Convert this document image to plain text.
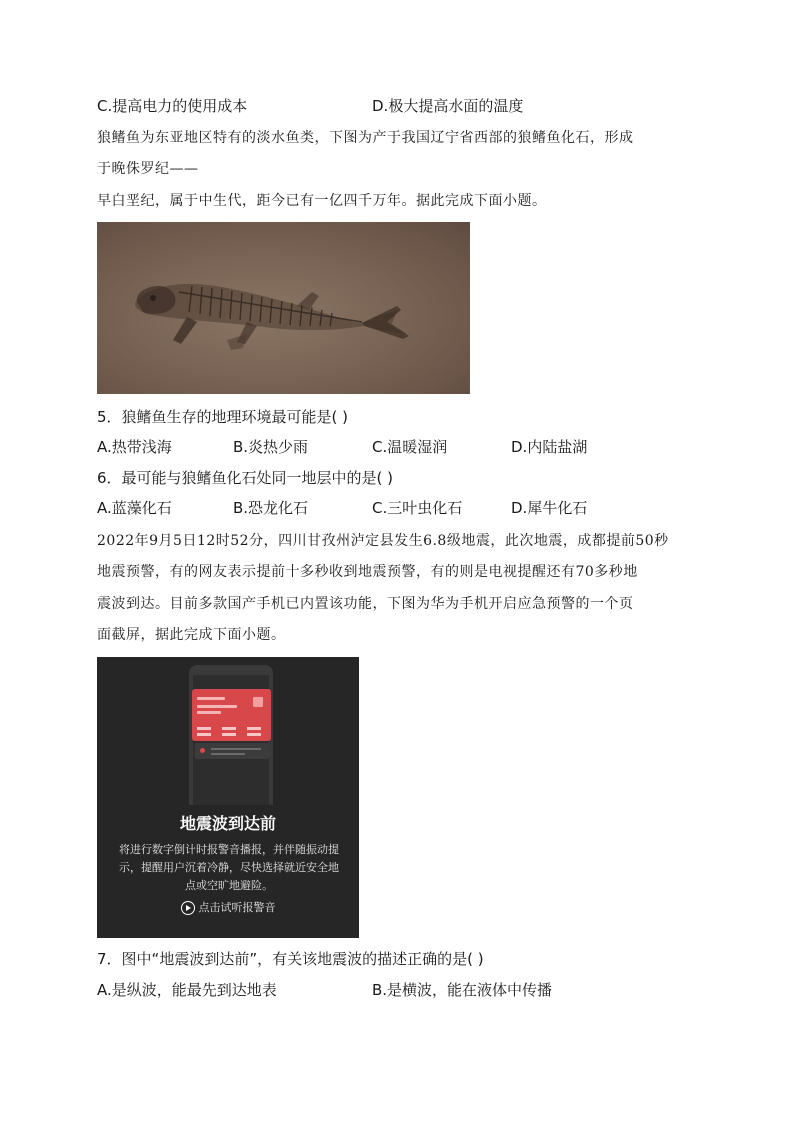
C.提高电力的使用成本	D.极大提高水面的温度
狼鳍鱼为东亚地区特有的淡水鱼类，下图为产于我国辽宁省西部的狼鳍鱼化石，形成
于晚侏罗纪——
早白垩纪，属于中生代，距今已有一亿四千万年。据此完成下面小题。
5．狼鳍鱼生存的地理环境最可能是( )
A.热带浅海	B.炎热少雨	C.温暖湿润	D.内陆盐湖
6．最可能与狼鳍鱼化石处同一地层中的是( )
A.蓝藻化石	B.恐龙化石	C.三叶虫化石	D.犀牛化石
2022年9月5日12时52分，四川甘孜州泸定县发生6.8级地震，此次地震，成都提前50秒
地震预警，有的网友表示提前十多秒收到地震预警，有的则是电视提醒还有70多秒地
震波到达。目前多款国产手机已内置该功能，下图为华为手机开启应急预警的一个页
面截屏，据此完成下面小题。
地震波到达前
将进行数字倒计时报警音播报，并伴随振动提
示，提醒用户沉着冷静，尽快选择就近安全地
点或空旷地避险。
点击试听报警音
7．图中“地震波到达前”，有关该地震波的描述正确的是( )
A.是纵波，能最先到达地表	B.是横波，能在液体中传播
